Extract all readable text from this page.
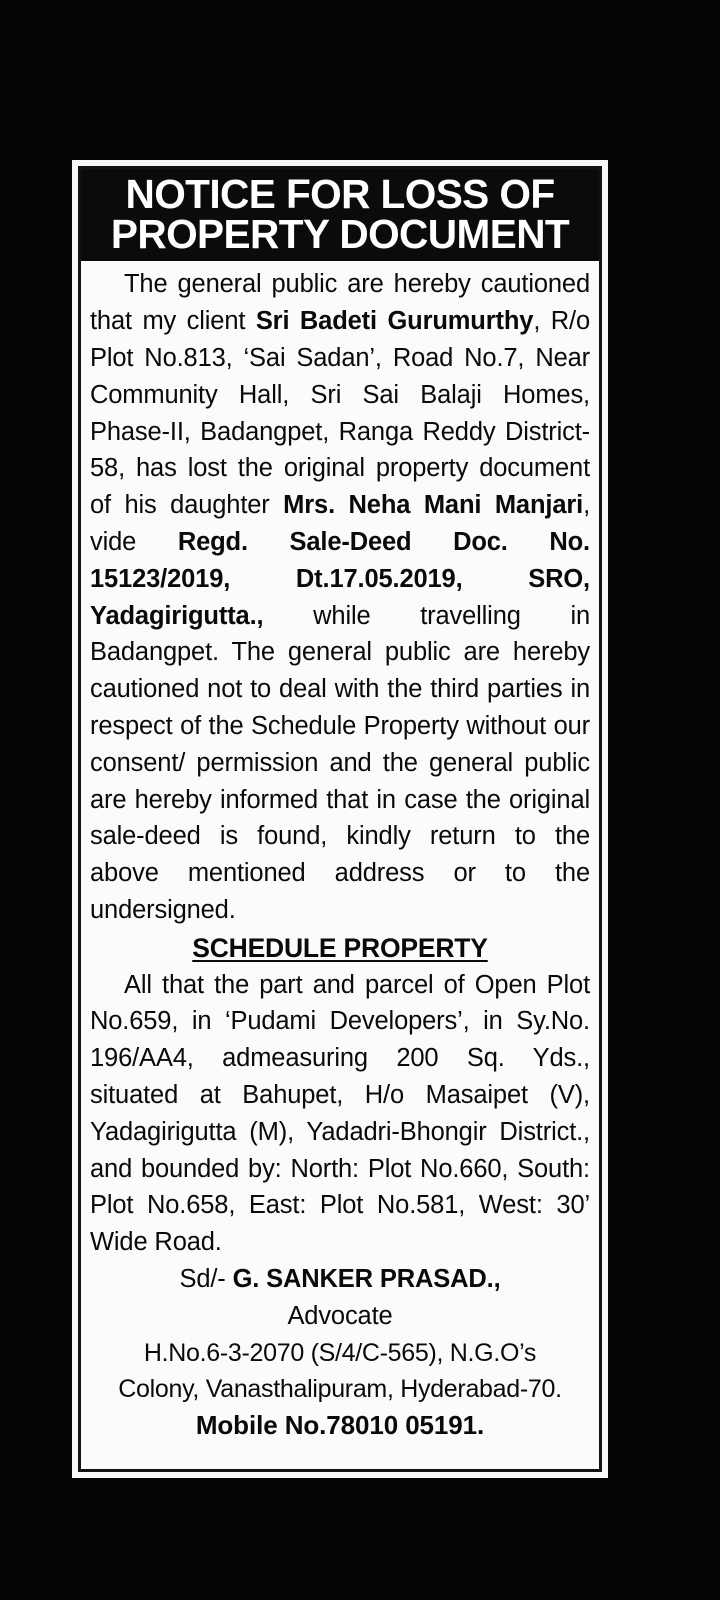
NOTICE FOR LOSS OF
PROPERTY DOCUMENT

The general public are hereby cautioned that my client Sri Badeti Gurumurthy, R/o Plot No.813, ‘Sai Sadan’, Road No.7, Near Community Hall, Sri Sai Balaji Homes, Phase-II, Badangpet, Ranga Reddy District-58, has lost the original property document of his daughter Mrs. Neha Mani Manjari, vide Regd. Sale-Deed Doc. No. 15123/2019, Dt.17.05.2019, SRO, Yadagirigutta., while travelling in Badangpet. The general public are hereby cautioned not to deal with the third parties in respect of the Schedule Property without our consent/ permission and the general public are hereby informed that in case the original sale-deed is found, kindly return to the above mentioned address or to the undersigned.

SCHEDULE PROPERTY

All that the part and parcel of Open Plot No.659, in ‘Pudami Developers’, in Sy.No. 196/AA4, admeasuring 200 Sq. Yds., situated at Bahupet, H/o Masaipet (V), Yadagirigutta (M), Yadadri-Bhongir District., and bounded by: North: Plot No.660, South: Plot No.658, East: Plot No.581, West: 30’ Wide Road.

Sd/- G. SANKER PRASAD.,

Advocate

H.No.6-3-2070 (S/4/C-565), N.G.O’s

Colony, Vanasthalipuram, Hyderabad-70.

Mobile No.78010 05191.
